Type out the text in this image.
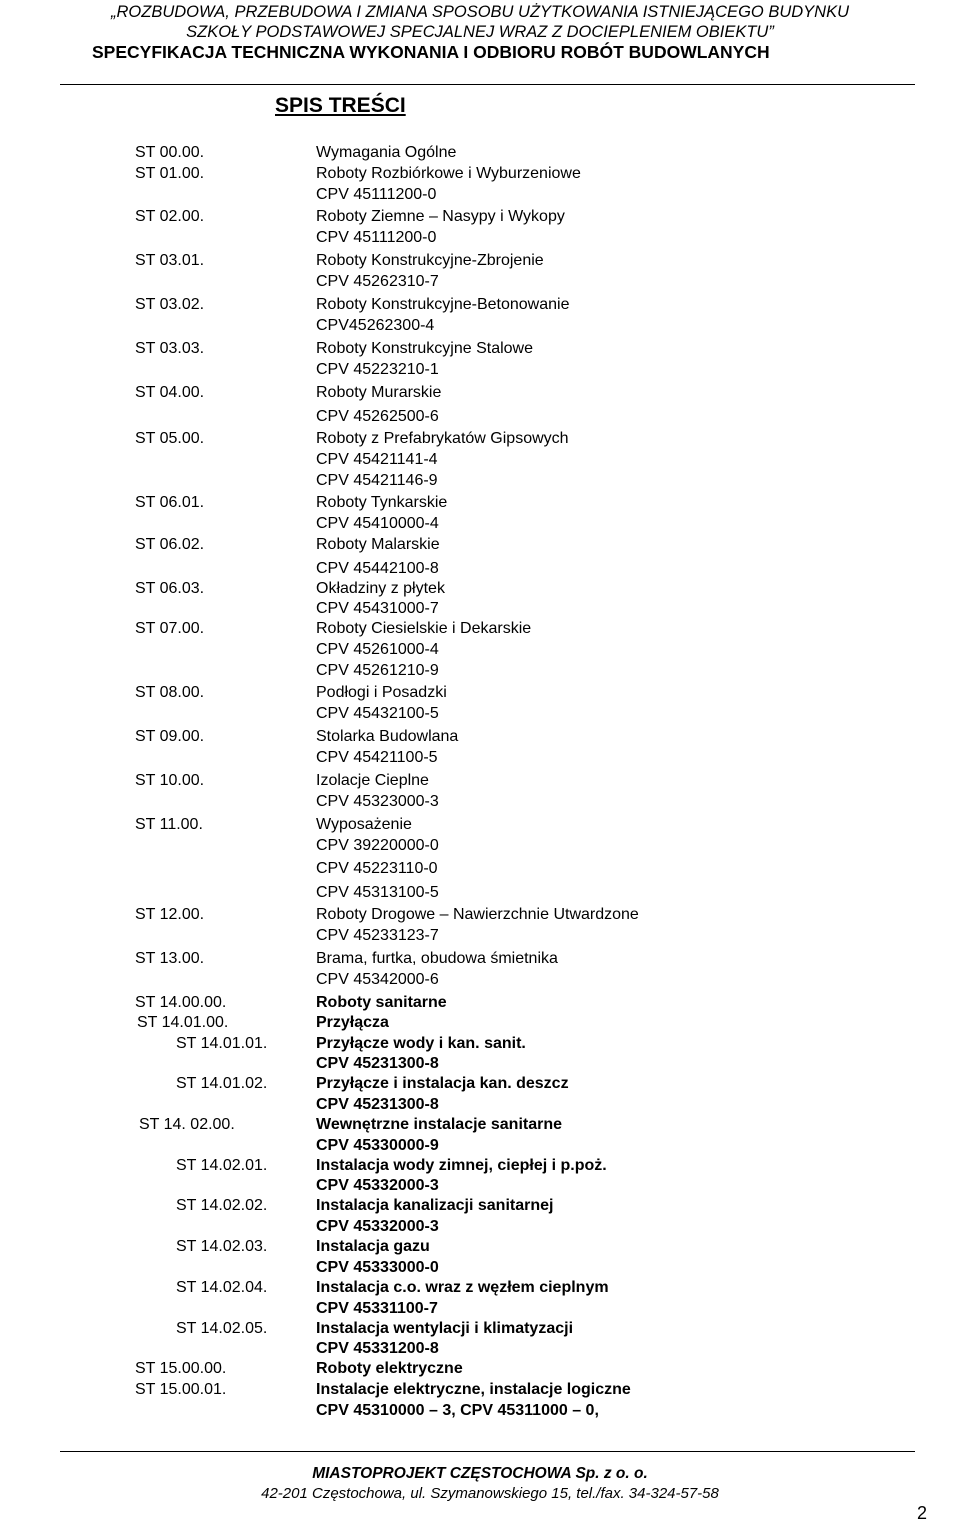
„ROZBUDOWA, PRZEBUDOWA I ZMIANA SPOSOBU UŻYTKOWANIA ISTNIEJĄCEGO BUDYNKU
SZKOŁY PODSTAWOWEJ SPECJALNEJ WRAZ Z DOCIEPLENIEM OBIEKTU”
SPECYFIKACJA TECHNICZNA WYKONANIA I ODBIORU ROBÓT BUDOWLANYCH
SPIS TREŚCI
ST 00.00.
ST 01.00.
ST 02.00.
ST 03.01.
ST 03.02.
ST 03.03.
ST 04.00.
ST 05.00.
ST 06.01.
ST 06.02.
ST 06.03.
ST 07.00.
ST 08.00.
ST 09.00.
ST 10.00.
ST 11.00.
ST 12.00.
ST 13.00.
ST 14.00.00.
ST 14.01.00.
ST 14.01.01.
ST 14.01.02.
ST 14. 02.00.
ST 14.02.01.
ST 14.02.02.
ST 14.02.03.
ST 14.02.04.
ST 14.02.05.
ST 15.00.00.
ST 15.00.01.
Wymagania Ogólne
Roboty Rozbiórkowe i Wyburzeniowe
CPV 45111200-0
Roboty Ziemne – Nasypy i Wykopy
CPV 45111200-0
Roboty Konstrukcyjne-Zbrojenie
CPV 45262310-7
Roboty Konstrukcyjne-Betonowanie
CPV45262300-4
Roboty Konstrukcyjne Stalowe
CPV 45223210-1
Roboty Murarskie
CPV 45262500-6
Roboty z Prefabrykatów Gipsowych
CPV 45421141-4
CPV 45421146-9
Roboty Tynkarskie
CPV 45410000-4
Roboty Malarskie
CPV 45442100-8
Okładziny z płytek
CPV 45431000-7
Roboty Ciesielskie i Dekarskie
CPV 45261000-4
CPV 45261210-9
Podłogi i Posadzki
CPV 45432100-5
Stolarka Budowlana
CPV 45421100-5
Izolacje Cieplne
CPV 45323000-3
Wyposażenie
CPV 39220000-0
CPV 45223110-0
CPV 45313100-5
Roboty Drogowe – Nawierzchnie Utwardzone
CPV 45233123-7
Brama, furtka, obudowa śmietnika
CPV 45342000-6
Roboty sanitarne
Przyłącza
Przyłącze wody i kan. sanit.
CPV 45231300-8
Przyłącze i instalacja kan. deszcz
CPV 45231300-8
Wewnętrzne instalacje sanitarne
CPV 45330000-9
Instalacja wody zimnej, ciepłej i p.poż.
CPV 45332000-3
Instalacja kanalizacji sanitarnej
CPV 45332000-3
Instalacja gazu
CPV 45333000-0
Instalacja c.o. wraz z węzłem cieplnym
CPV 45331100-7
Instalacja wentylacji i klimatyzacji
CPV 45331200-8
Roboty elektryczne
Instalacje elektryczne, instalacje logiczne
CPV 45310000 – 3, CPV 45311000 – 0,
MIASTOPROJEKT CZĘSTOCHOWA Sp. z o. o.
42-201 Częstochowa, ul. Szymanowskiego 15, tel./fax. 34-324-57-58
2
